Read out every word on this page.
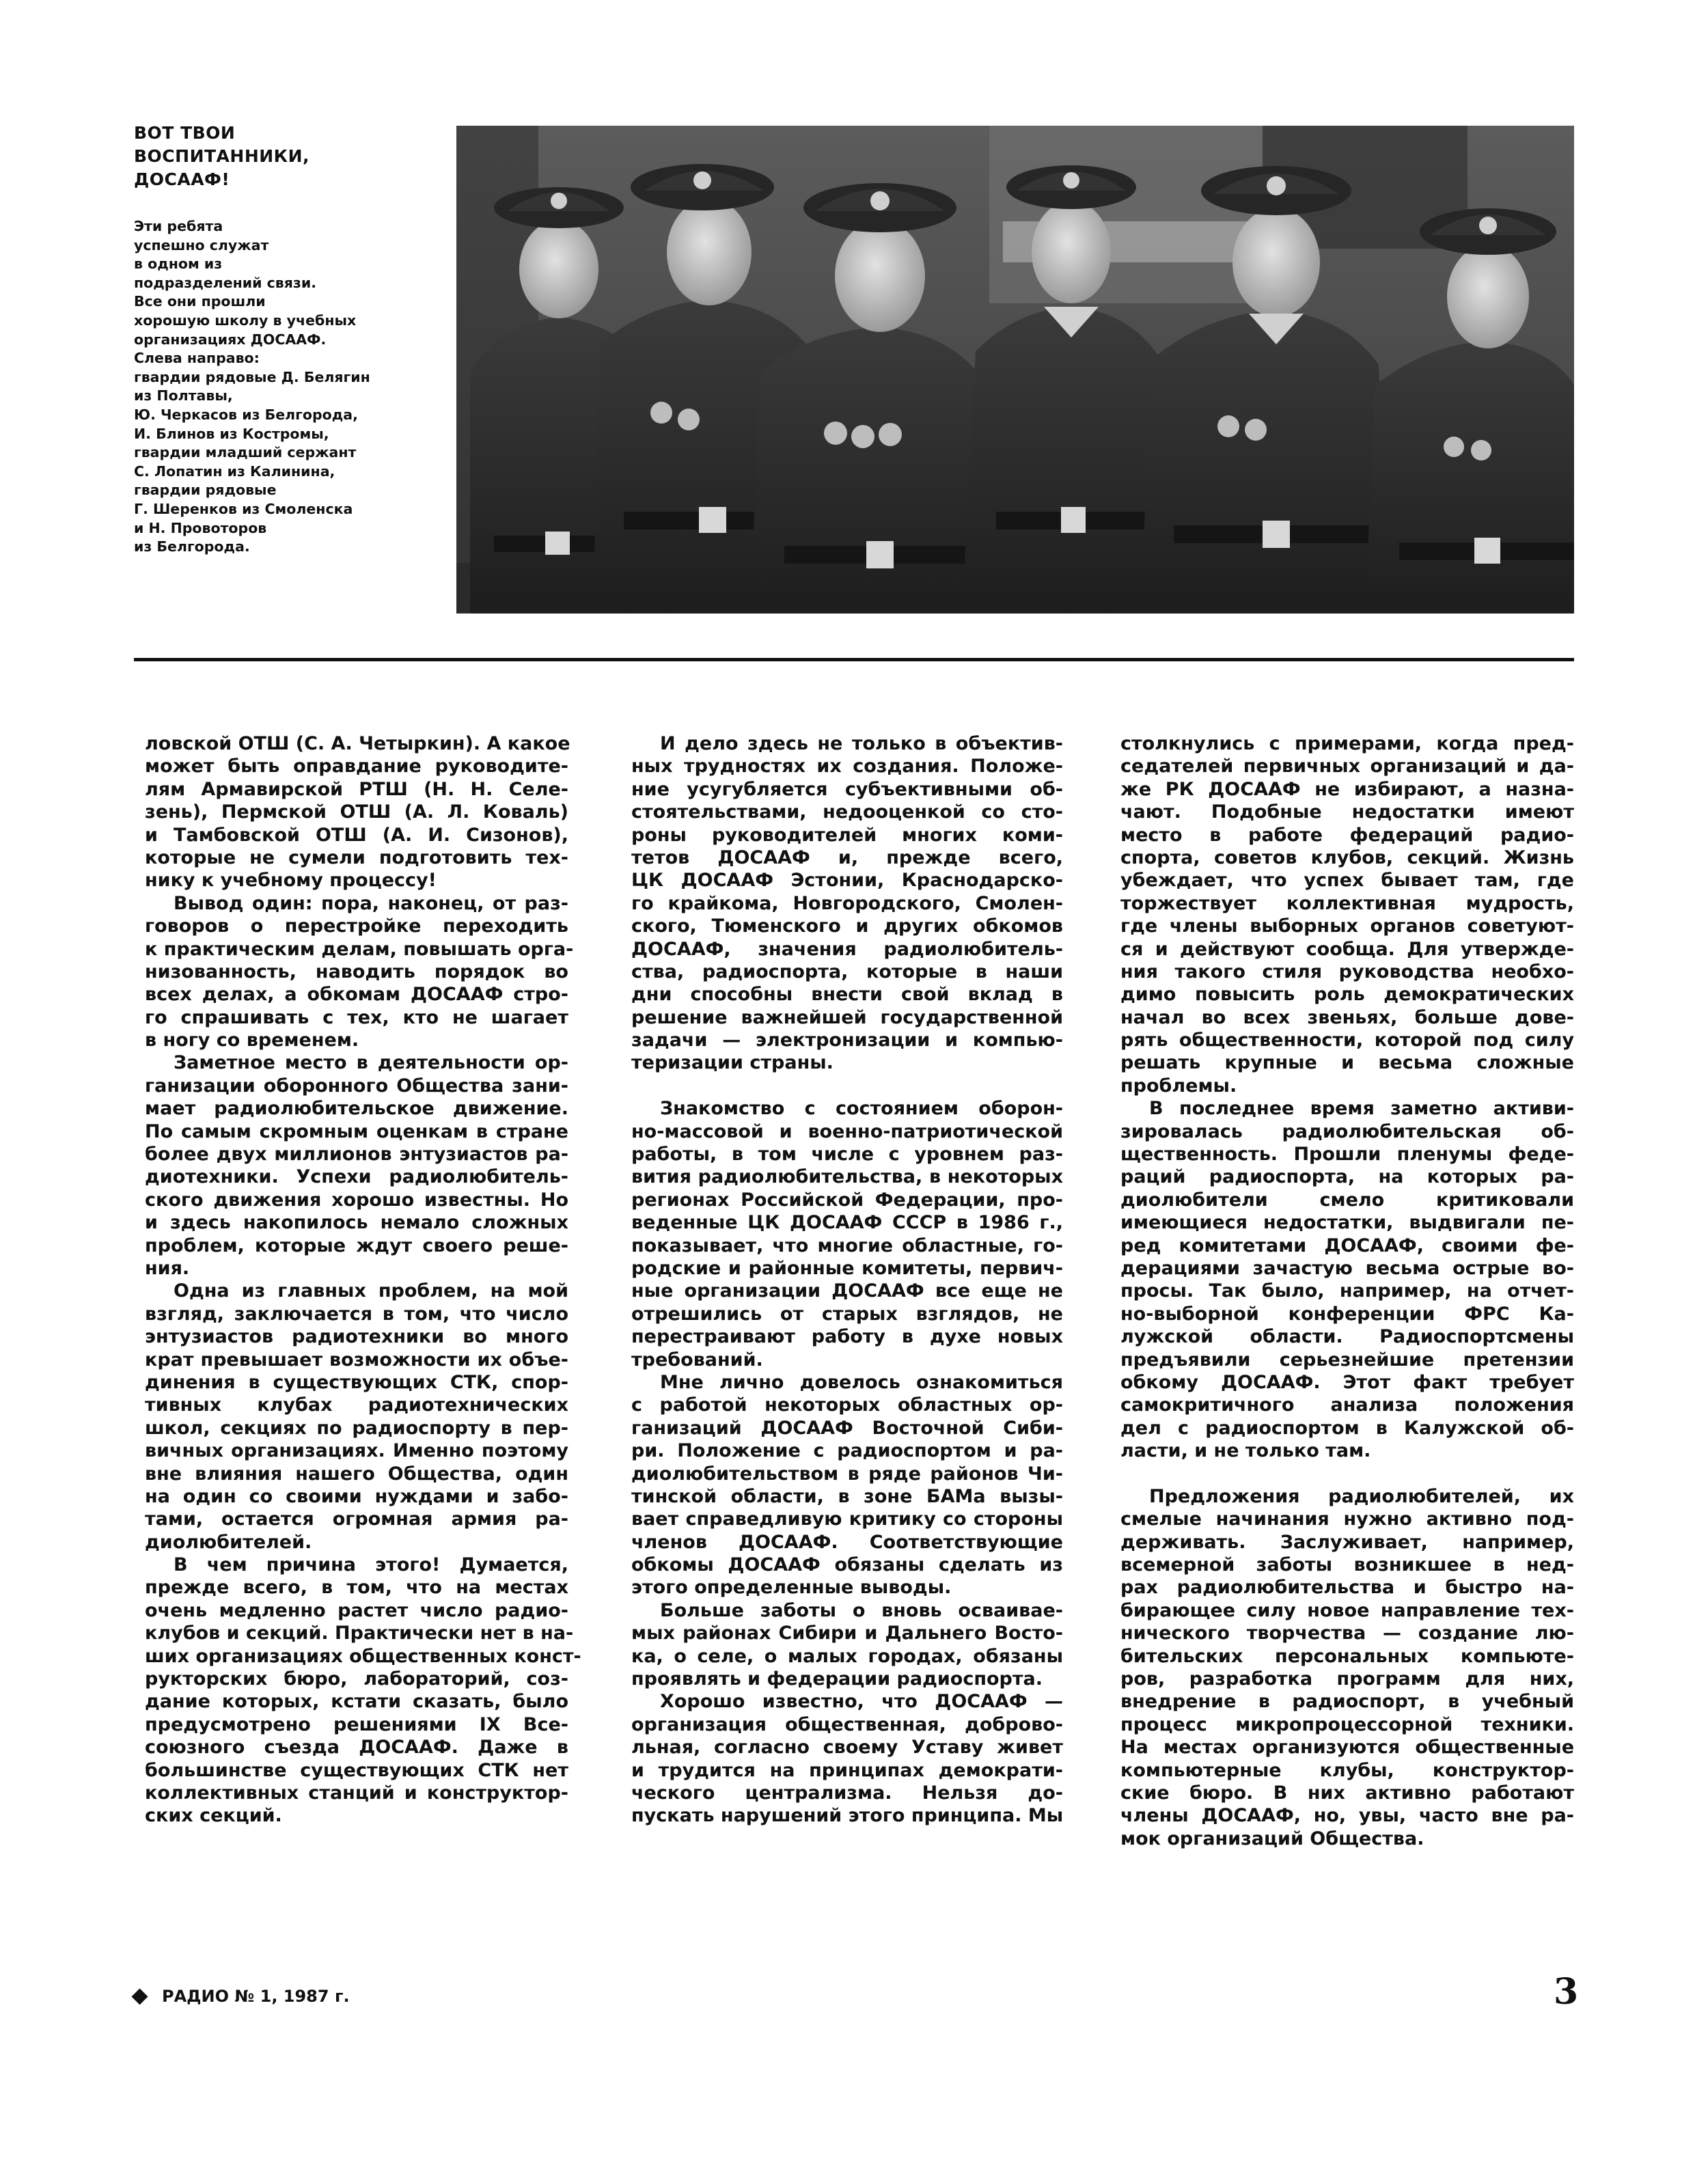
ВОТ ТВОИ
ВОСПИТАННИКИ,
ДОСААФ!
Эти ребята
успешно служат
в одном из
подразделений связи.
Все они прошли
хорошую школу в учебных
организациях ДОСААФ.
Слева направо:
гвардии рядовые Д. Белягин
из Полтавы,
Ю. Черкасов из Белгорода,
И. Блинов из Костромы,
гвардии младший сержант
С. Лопатин из Калинина,
гвардии рядовые
Г. Шеренков из Смоленска
и Н. Провоторов
из Белгорода.
ловской ОТШ (С. А. Четыркин). А какое
может быть оправдание руководите-
лям Армавирской РТШ (Н. Н. Селе-
зень), Пермской ОТШ (А. Л. Коваль)
и Тамбовской ОТШ (А. И. Сизонов),
которые не сумели подготовить тех-
нику к учебному процессу!
Вывод один: пора, наконец, от раз-
говоров о перестройке переходить
к практическим делам, повышать орга-
низованность, наводить порядок во
всех делах, а обкомам ДОСААФ стро-
го спрашивать с тех, кто не шагает
в ногу со временем.
Заметное место в деятельности ор-
ганизации оборонного Общества зани-
мает радиолюбительское движение.
По самым скромным оценкам в стране
более двух миллионов энтузиастов ра-
диотехники. Успехи радиолюбитель-
ского движения хорошо известны. Но
и здесь накопилось немало сложных
проблем, которые ждут своего реше-
ния.
Одна из главных проблем, на мой
взгляд, заключается в том, что число
энтузиастов радиотехники во много
крат превышает возможности их объе-
динения в существующих СТК, спор-
тивных клубах радиотехнических
школ, секциях по радиоспорту в пер-
вичных организациях. Именно поэтому
вне влияния нашего Общества, один
на один со своими нуждами и забо-
тами, остается огромная армия ра-
диолюбителей.
В чем причина этого! Думается,
прежде всего, в том, что на местах
очень медленно растет число радио-
клубов и секций. Практически нет в на-
ших организациях общественных конст-
рукторских бюро, лабораторий, соз-
дание которых, кстати сказать, было
предусмотрено решениями IX Все-
союзного съезда ДОСААФ. Даже в
большинстве существующих СТК нет
коллективных станций и конструктор-
ских секций.
И дело здесь не только в объектив-
ных трудностях их создания. Положе-
ние усугубляется субъективными об-
стоятельствами, недооценкой со сто-
роны руководителей многих коми-
тетов ДОСААФ и, прежде всего,
ЦК ДОСААФ Эстонии, Краснодарско-
го крайкома, Новгородского, Смолен-
ского, Тюменского и других обкомов
ДОСААФ, значения радиолюбитель-
ства, радиоспорта, которые в наши
дни способны внести свой вклад в
решение важнейшей государственной
задачи — электронизации и компью-
теризации страны.
Знакомство с состоянием оборон-
но-массовой и военно-патриотической
работы, в том числе с уровнем раз-
вития радиолюбительства, в некоторых
регионах Российской Федерации, про-
веденные ЦК ДОСААФ СССР в 1986 г.,
показывает, что многие областные, го-
родские и районные комитеты, первич-
ные организации ДОСААФ все еще не
отрешились от старых взглядов, не
перестраивают работу в духе новых
требований.
Мне лично довелось ознакомиться
с работой некоторых областных ор-
ганизаций ДОСААФ Восточной Сиби-
ри. Положение с радиоспортом и ра-
диолюбительством в ряде районов Чи-
тинской области, в зоне БАМа вызы-
вает справедливую критику со стороны
членов ДОСААФ. Соответствующие
обкомы ДОСААФ обязаны сделать из
этого определенные выводы.
Больше заботы о вновь осваивае-
мых районах Сибири и Дальнего Восто-
ка, о селе, о малых городах, обязаны
проявлять и федерации радиоспорта.
Хорошо известно, что ДОСААФ —
организация общественная, доброво-
льная, согласно своему Уставу живет
и трудится на принципах демократи-
ческого централизма. Нельзя до-
пускать нарушений этого принципа. Мы
столкнулись с примерами, когда пред-
седателей первичных организаций и да-
же РК ДОСААФ не избирают, а назна-
чают. Подобные недостатки имеют
место в работе федераций радио-
спорта, советов клубов, секций. Жизнь
убеждает, что успех бывает там, где
торжествует коллективная мудрость,
где члены выборных органов советуют-
ся и действуют сообща. Для утвержде-
ния такого стиля руководства необхо-
димо повысить роль демократических
начал во всех звеньях, больше дове-
рять общественности, которой под силу
решать крупные и весьма сложные
проблемы.
В последнее время заметно активи-
зировалась радиолюбительская об-
щественность. Прошли пленумы феде-
раций радиоспорта, на которых ра-
диолюбители смело критиковали
имеющиеся недостатки, выдвигали пе-
ред комитетами ДОСААФ, своими фе-
дерациями зачастую весьма острые во-
просы. Так было, например, на отчет-
но-выборной конференции ФРС Ка-
лужской области. Радиоспортсмены
предъявили серьезнейшие претензии
обкому ДОСААФ. Этот факт требует
самокритичного анализа положения
дел с радиоспортом в Калужской об-
ласти, и не только там.
Предложения радиолюбителей, их
смелые начинания нужно активно под-
держивать. Заслуживает, например,
всемерной заботы возникшее в нед-
рах радиолюбительства и быстро на-
бирающее силу новое направление тех-
нического творчества — создание лю-
бительских персональных компьюте-
ров, разработка программ для них,
внедрение в радиоспорт, в учебный
процесс микропроцессорной техники.
На местах организуются общественные
компьютерные клубы, конструктор-
ские бюро. В них активно работают
члены ДОСААФ, но, увы, часто вне ра-
мок организаций Общества.
РАДИО № 1, 1987 г.	3
